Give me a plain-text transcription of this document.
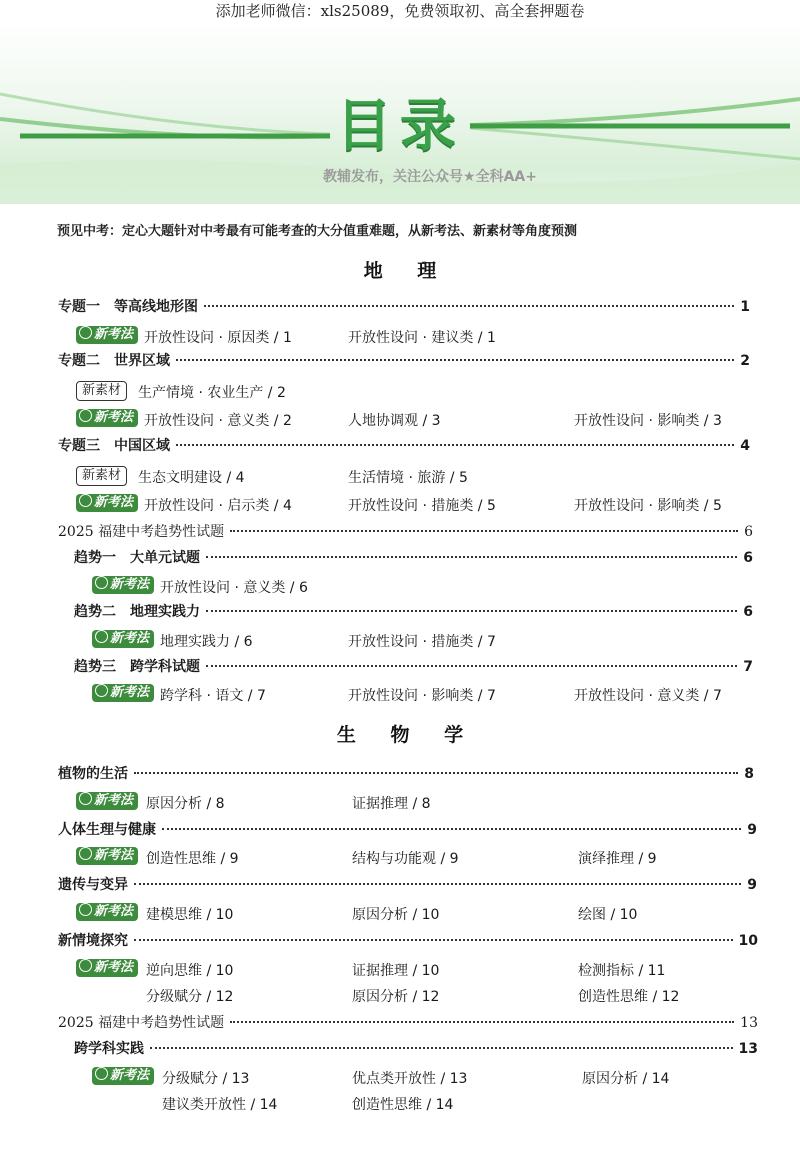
添加老师微信：xls25089，免费领取初、高全套押题卷
目录
教辅发布，关注公众号★全科AA+
预见中考：定心大题针对中考最有可能考查的大分值重难题，从新考法、新素材等角度预测
地 理
专题一　等高线地形图	1
新考法 开放性设问 · 原因类 / 1	开放性设问 · 建议类 / 1
专题二　世界区域	2
新素材	生产情境 · 农业生产 / 2
新考法 开放性设问 · 意义类 / 2	人地协调观 / 3	开放性设问 · 影响类 / 3
专题三　中国区域	4
新素材	生态文明建设 / 4	生活情境 · 旅游 / 5
新考法 开放性设问 · 启示类 / 4	开放性设问 · 措施类 / 5	开放性设问 · 影响类 / 5
2025 福建中考趋势性试题	6
趋势一　大单元试题	6
新考法 开放性设问 · 意义类 / 6
趋势二　地理实践力	6
新考法 地理实践力 / 6	开放性设问 · 措施类 / 7
趋势三　跨学科试题	7
新考法 跨学科 · 语文 / 7	开放性设问 · 影响类 / 7	开放性设问 · 意义类 / 7
生 物 学
植物的生活	8
新考法 原因分析 / 8	证据推理 / 8
人体生理与健康	9
新考法 创造性思维 / 9	结构与功能观 / 9	演绎推理 / 9
遗传与变异	9
新考法 建模思维 / 10	原因分析 / 10	绘图 / 10
新情境探究	10
新考法 逆向思维 / 10	证据推理 / 10	检测指标 / 11
分级赋分 / 12	原因分析 / 12	创造性思维 / 12
2025 福建中考趋势性试题	13
跨学科实践	13
新考法 分级赋分 / 13	优点类开放性 / 13	原因分析 / 14
建议类开放性 / 14	创造性思维 / 14
